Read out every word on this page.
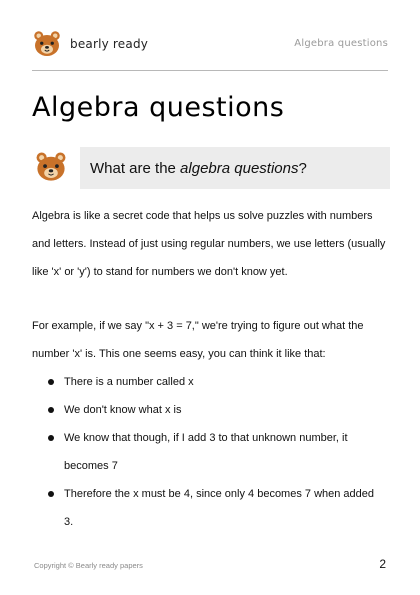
bearly ready	Algebra questions
Algebra questions
What are the algebra questions?

Algebra is like a secret code that helps us solve puzzles with numbers and letters. Instead of just using regular numbers, we use letters (usually like 'x' or 'y') to stand for numbers we don't know yet.

For example, if we say "x + 3 = 7," we're trying to figure out what the number 'x' is. This one seems easy, you can think it like that:

There is a number called x
We don't know what x is
We know that though, if I add 3 to that unknown number, it becomes 7
Therefore the x must be 4, since only 4 becomes 7 when added 3.
Copyright © Bearly ready papers	2
